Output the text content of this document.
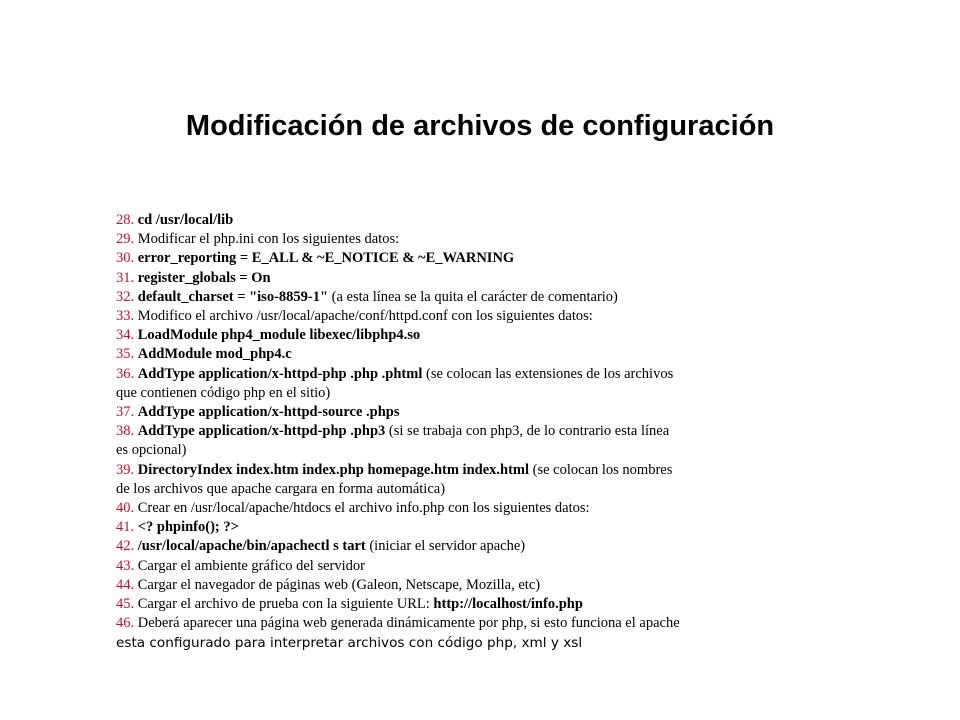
Modificación de archivos de configuración
28. cd /usr/local/lib
29. Modificar el php.ini con los siguientes datos:
30. error_reporting = E_ALL & ~E_NOTICE & ~E_WARNING
31. register_globals = On
32. default_charset = "iso-8859-1" (a esta línea se la quita el carácter de comentario)
33. Modifico el archivo /usr/local/apache/conf/httpd.conf con los siguientes datos:
34. LoadModule php4_module libexec/libphp4.so
35. AddModule mod_php4.c
36. AddType application/x-httpd-php .php .phtml (se colocan las extensiones de los archivos
que contienen código php en el sitio)
37. AddType application/x-httpd-source .phps
38. AddType application/x-httpd-php .php3 (si se trabaja con php3, de lo contrario esta línea
es opcional)
39. DirectoryIndex index.htm index.php homepage.htm index.html (se colocan los nombres
de los archivos que apache cargara en forma automática)
40. Crear en /usr/local/apache/htdocs el archivo info.php con los siguientes datos:
41. <? phpinfo(); ?>
42. /usr/local/apache/bin/apachectl s tart (iniciar el servidor apache)
43. Cargar el ambiente gráfico del servidor
44. Cargar el navegador de páginas web (Galeon, Netscape, Mozilla, etc)
45. Cargar el archivo de prueba con la siguiente URL: http://localhost/info.php
46. Deberá aparecer una página web generada dinámicamente por php, si esto funciona el apache

esta configurado para interpretar archivos con código php, xml y xsl
